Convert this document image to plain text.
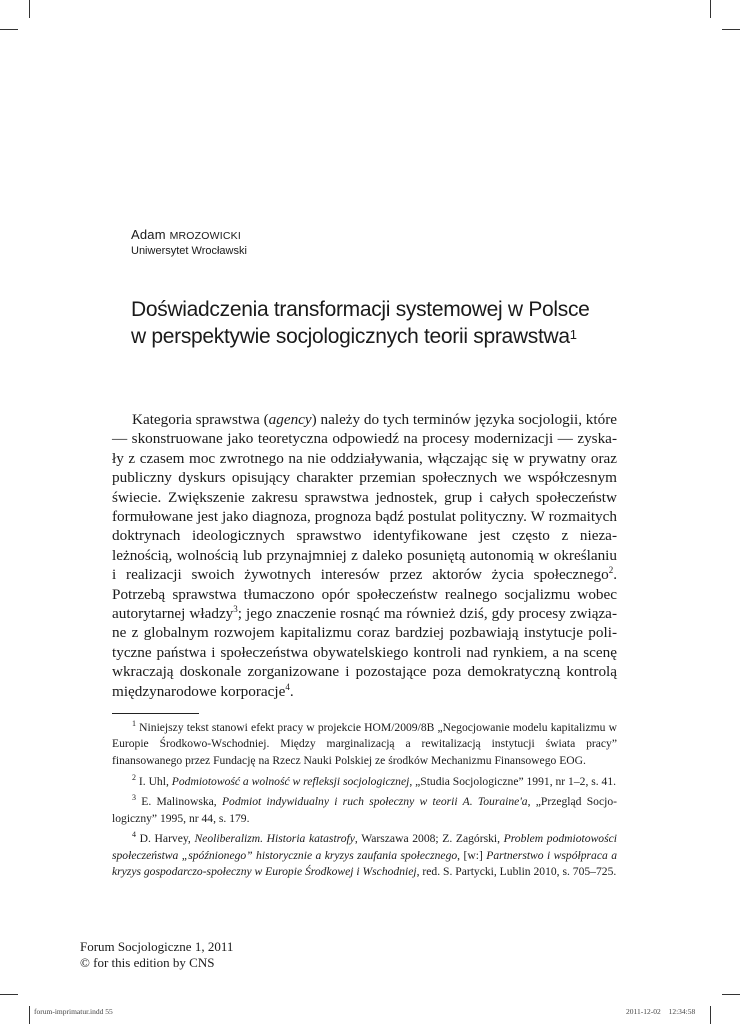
Adam MROZOWICKI
Uniwersytet Wrocławski
Doświadczenia transformacji systemowej w Polsce
w perspektywie socjologicznych teorii sprawstwa$^1$

Kategoria sprawstwa (agency) należy do tych terminów języka socjologii, które — skonstruowane jako teoretyczna odpowiedź na procesy modernizacji — zyskały z czasem moc zwrotnego na nie oddziaływania, włączając się w prywatny oraz publiczny dyskurs opisujący charakter przemian społecznych we współczesnym świecie. Zwiększenie zakresu sprawstwa jednostek, grup i całych społeczeństw formułowane jest jako diagnoza, prognoza bądź postulat polityczny. W rozmaitych doktrynach ideologicznych sprawstwo identyfikowane jest często z niezależnością, wolnością lub przynajmniej z daleko posuniętą autonomią w określaniu i realizacji swoich żywotnych interesów przez aktorów życia społecznego$^2$. Potrzebą sprawstwa tłumaczono opór społeczeństw realnego socjalizmu wobec autorytarnej władzy$^3$; jego znaczenie rosnąć ma również dziś, gdy procesy związane z globalnym rozwojem kapitalizmu coraz bardziej pozbawiają instytucje polityczne państwa i społeczeństwa obywatelskiego kontroli nad rynkiem, a na scenę wkraczają doskonale zorganizowane i pozostające poza demokratyczną kontrolą międzynarodowe korporacje$^4$.

$^1$ Niniejszy tekst stanowi efekt pracy w projekcie HOM/2009/8B „Negocjowanie modelu kapitalizmu w Europie Środkowo-Wschodniej. Między marginalizacją a rewitalizacją instytucji świata pracy” finansowanego przez Fundację na Rzecz Nauki Polskiej ze środków Mechanizmu Finansowego EOG.

$^2$ I. Uhl, Podmiotowość a wolność w refleksji socjologicznej, „Studia Socjologiczne” 1991, nr 1–2, s. 41.

$^3$ E. Malinowska, Podmiot indywidualny i ruch społeczny w teorii A. Touraine'a, „Przegląd Socjologiczny” 1995, nr 44, s. 179.

$^4$ D. Harvey, Neoliberalizm. Historia katastrofy, Warszawa 2008; Z. Zagórski, Problem podmiotowości społeczeństwa „spóźnionego” historycznie a kryzys zaufania społecznego, [w:] Partnerstwo i współpraca a kryzys gospodarczo-społeczny w Europie Środkowej i Wschodniej, red. S. Partycki, Lublin 2010, s. 705–725.

Forum Socjologiczne 1, 2011
© for this edition by CNS
forum-imprimatur.indd 55	2011-12-02 12:34:58
